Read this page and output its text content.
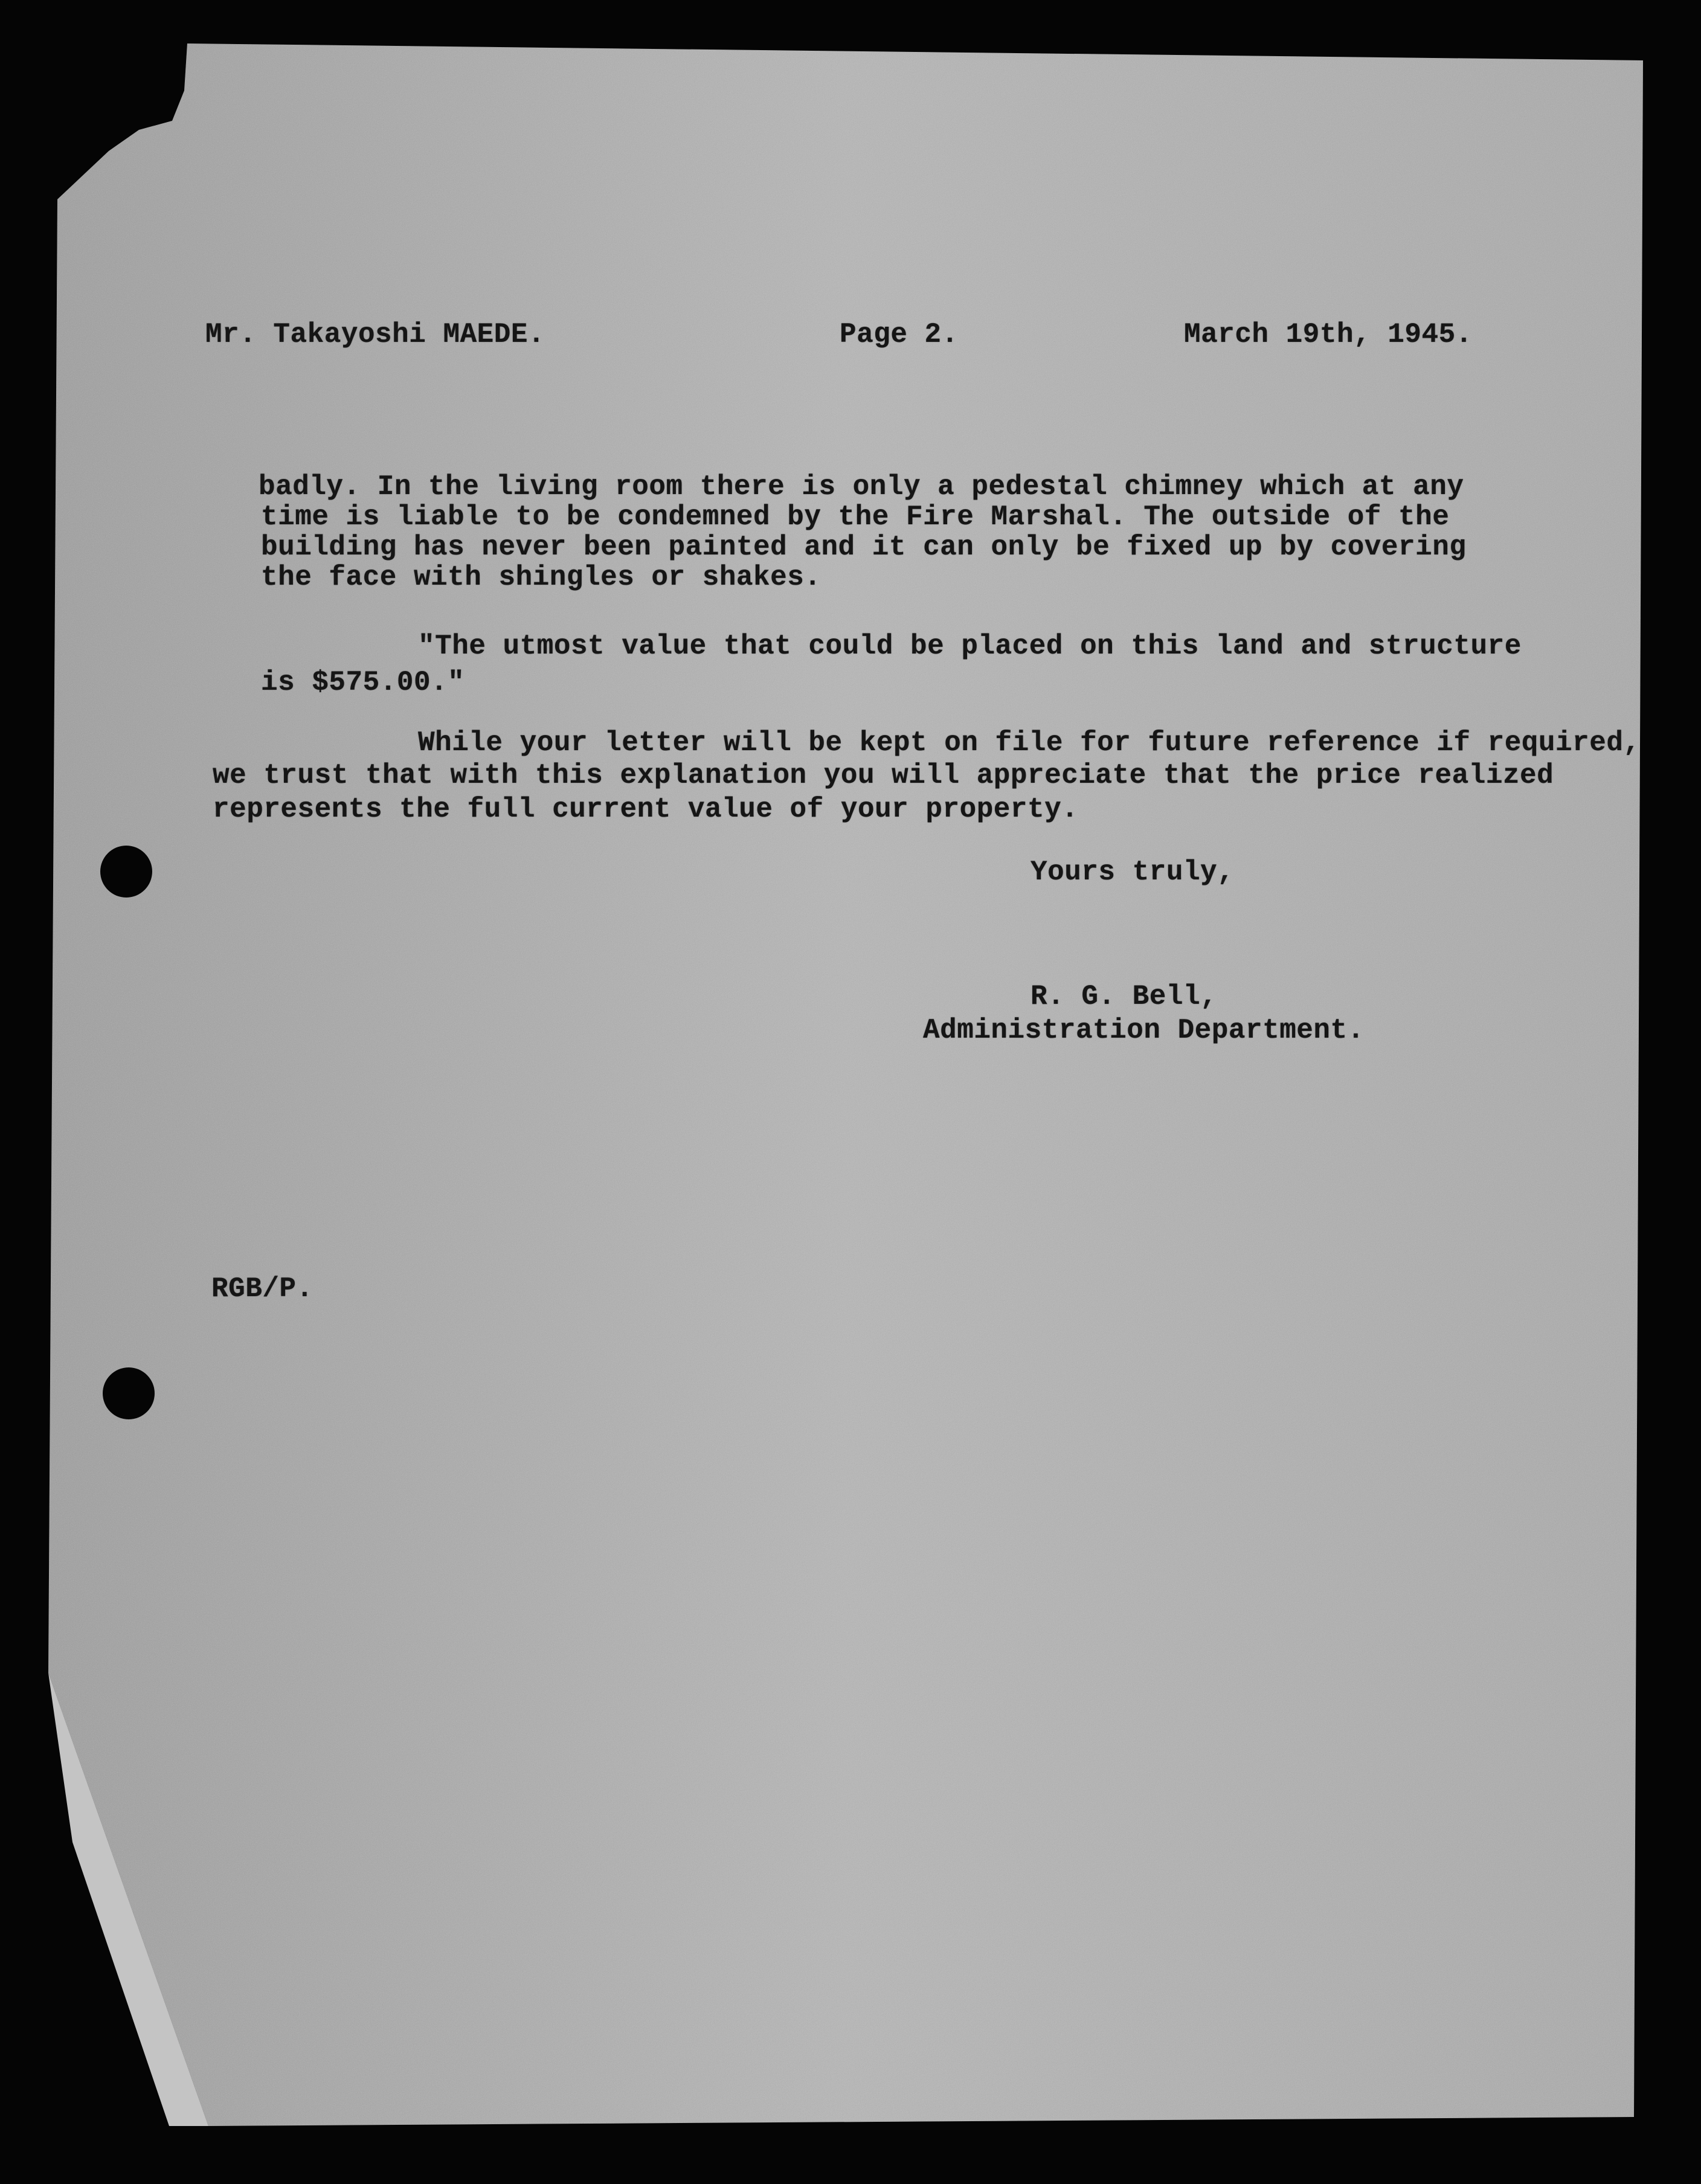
Mr. Takayoshi MAEDE.	Page 2.	March 19th, 1945.
badly. In the living room there is only a pedestal chimney which at any
time is liable to be condemned by the Fire Marshal. The outside of the
building has never been painted and it can only be fixed up by covering
the face with shingles or shakes.
"The utmost value that could be placed on this land and structure
is $575.00."
While your letter will be kept on file for future reference if required,
we trust that with this explanation you will appreciate that the price realized
represents the full current value of your property.
Yours truly,
R. G. Bell,
Administration Department.
RGB/P.
